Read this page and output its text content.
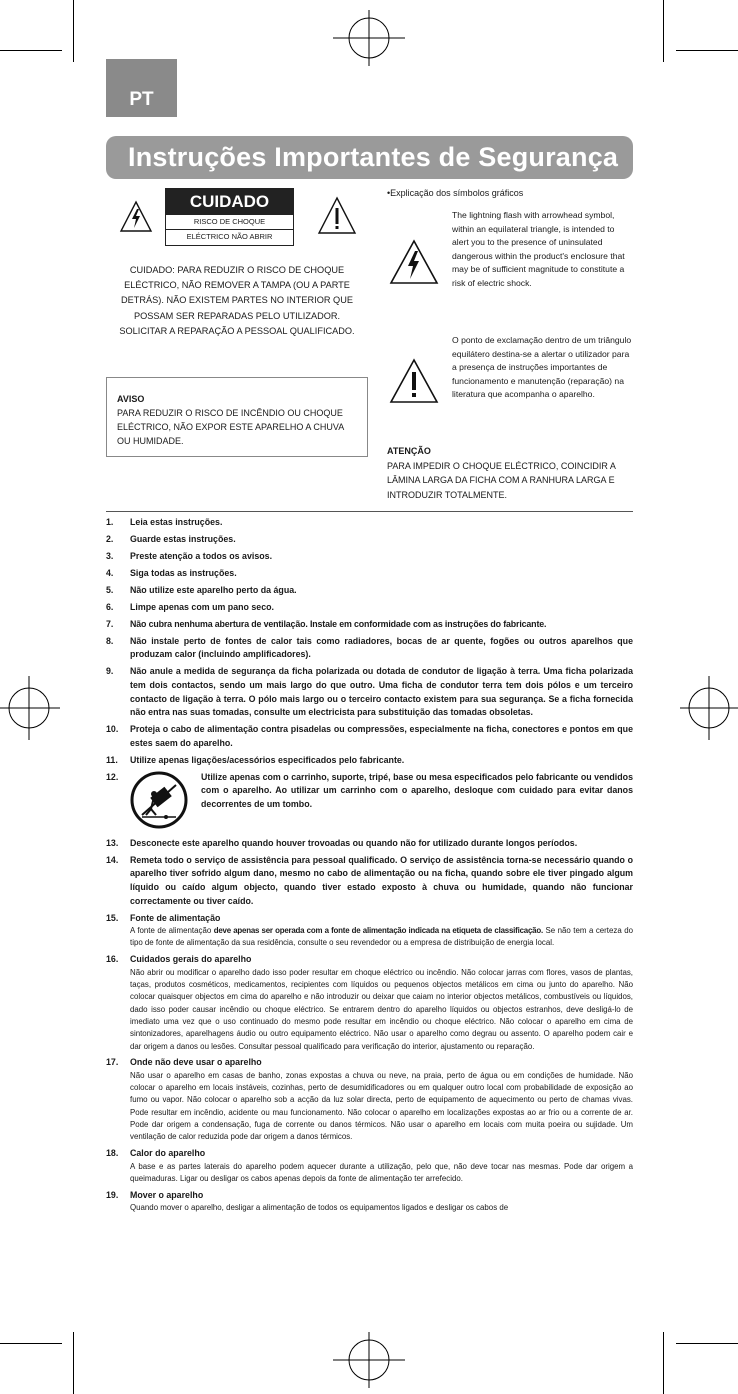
PT
Instruções Importantes de Segurança
CUIDADO
RISCO DE CHOQUE
ELÉCTRICO NÃO ABRIR
CUIDADO: PARA REDUZIR O RISCO DE CHOQUE ELÉCTRICO, NÃO REMOVER A TAMPA (OU A PARTE DETRÁS). NÃO EXISTEM PARTES NO INTERIOR QUE POSSAM SER REPARADAS PELO UTILIZADOR. SOLICITAR A REPARAÇÃO A PESSOAL QUALIFICADO.
AVISO
PARA REDUZIR O RISCO DE INCÊNDIO OU CHOQUE ELÉCTRICO, NÃO EXPOR ESTE APARELHO A CHUVA OU HUMIDADE.
•Explicação dos símbolos gráficos
The lightning flash with arrowhead symbol, within an equilateral triangle, is intended to alert you to the presence of uninsulated dangerous within the product's enclosure that may be of sufficient magnitude to constitute a risk of electric shock.
O ponto de exclamação dentro de um triângulo equilátero destina-se a alertar o utilizador para a presença de instruções importantes de funcionamento e manutenção (reparação) na literatura que acompanha o aparelho.
ATENÇÃO
PARA IMPEDIR O CHOQUE ELÉCTRICO, COINCIDIR A LÂMINA LARGA DA FICHA COM A RANHURA LARGA E INTRODUZIR TOTALMENTE.
1. Leia estas instruções.
2. Guarde estas instruções.
3. Preste atenção a todos os avisos.
4. Siga todas as instruções.
5. Não utilize este aparelho perto da água.
6. Limpe apenas com um pano seco.
7. Não cubra nenhuma abertura de ventilação. Instale em conformidade com as instruções do fabricante.
8. Não instale perto de fontes de calor tais como radiadores, bocas de ar quente, fogões ou outros aparelhos que produzam calor (incluindo amplificadores).
9. Não anule a medida de segurança da ficha polarizada ou dotada de condutor de ligação à terra. Uma ficha polarizada tem dois contactos, sendo um mais largo do que outro. Uma ficha de condutor terra tem dois pólos e um terceiro contacto de ligação à terra. O pólo mais largo ou o terceiro contacto existem para sua segurança. Se a ficha fornecida não entra nas suas tomadas, consulte um electricista para substituição das tomadas obsoletas.
10. Proteja o cabo de alimentação contra pisadelas ou compressões, especialmente na ficha, conectores e pontos em que estes saem do aparelho.
11. Utilize apenas ligações/acessórios especificados pelo fabricante.
12.	Utilize apenas com o carrinho, suporte, tripé, base ou mesa especificados pelo fabricante ou vendidos com o aparelho. Ao utilizar um carrinho com o aparelho, desloque com cuidado para evitar danos decorrentes de um tombo.
13. Desconecte este aparelho quando houver trovoadas ou quando não for utilizado durante longos períodos.
14. Remeta todo o serviço de assistência para pessoal qualificado. O serviço de assistência torna-se necessário quando o aparelho tiver sofrido algum dano, mesmo no cabo de alimentação ou na ficha, quando sobre ele tiver pingado algum líquido ou caído algum objecto, quando tiver estado exposto à chuva ou humidade, quando não funcionar correctamente ou tiver caído.
15. Fonte de alimentação
A fonte de alimentação deve apenas ser operada com a fonte de alimentação indicada na etiqueta de classificação. Se não tem a certeza do tipo de fonte de alimentação da sua residência, consulte o seu revendedor ou a empresa de distribuição de energia local.
16. Cuidados gerais do aparelho
Não abrir ou modificar o aparelho dado isso poder resultar em choque eléctrico ou incêndio. Não colocar jarras com flores, vasos de plantas, taças, produtos cosméticos, medicamentos, recipientes com líquidos ou pequenos objectos metálicos em cima ou junto do aparelho. Não colocar quaisquer objectos em cima do aparelho e não introduzir ou deixar que caiam no interior objectos metálicos, combustíveis ou líquidos, dado isso poder causar incêndio ou choque eléctrico. Se entrarem dentro do aparelho líquidos ou objectos estranhos, deve desligá-lo de imediato uma vez que o uso continuado do mesmo pode resultar em incêndio ou choque eléctrico. Não colocar o aparelho em cima de sintonizadores, aparelhagens áudio ou outro equipamento eléctrico. Não usar o aparelho como degrau ou assento. O aparelho podem cair e dar origem a danos ou lesões. Consultar pessoal qualificado para verificação do interior, ajustamento ou reparação.
17. Onde não deve usar o aparelho
Não usar o aparelho em casas de banho, zonas expostas a chuva ou neve, na praia, perto de água ou em condições de humidade. Não colocar o aparelho em locais instáveis, cozinhas, perto de desumidificadores ou em qualquer outro local com probabilidade de exposição ao fumo ou vapor. Não colocar o aparelho sob a acção da luz solar directa, perto de equipamento de aquecimento ou perto de chamas vivas. Pode resultar em incêndio, acidente ou mau funcionamento. Não colocar o aparelho em localizações expostas ao ar frio ou a corrente de ar. Pode dar origem a condensação, fuga de corrente ou danos térmicos. Não usar o aparelho em locais com muita poeira ou sujidade. Um ventilação de calor reduzida pode dar origem a danos térmicos.
18. Calor do aparelho
A base e as partes laterais do aparelho podem aquecer durante a utilização, pelo que, não deve tocar nas mesmas. Pode dar origem a queimaduras. Ligar ou desligar os cabos apenas depois da fonte de alimentação ter arrefecido.
19. Mover o aparelho
Quando mover o aparelho, desligar a alimentação de todos os equipamentos ligados e desligar os cabos de
